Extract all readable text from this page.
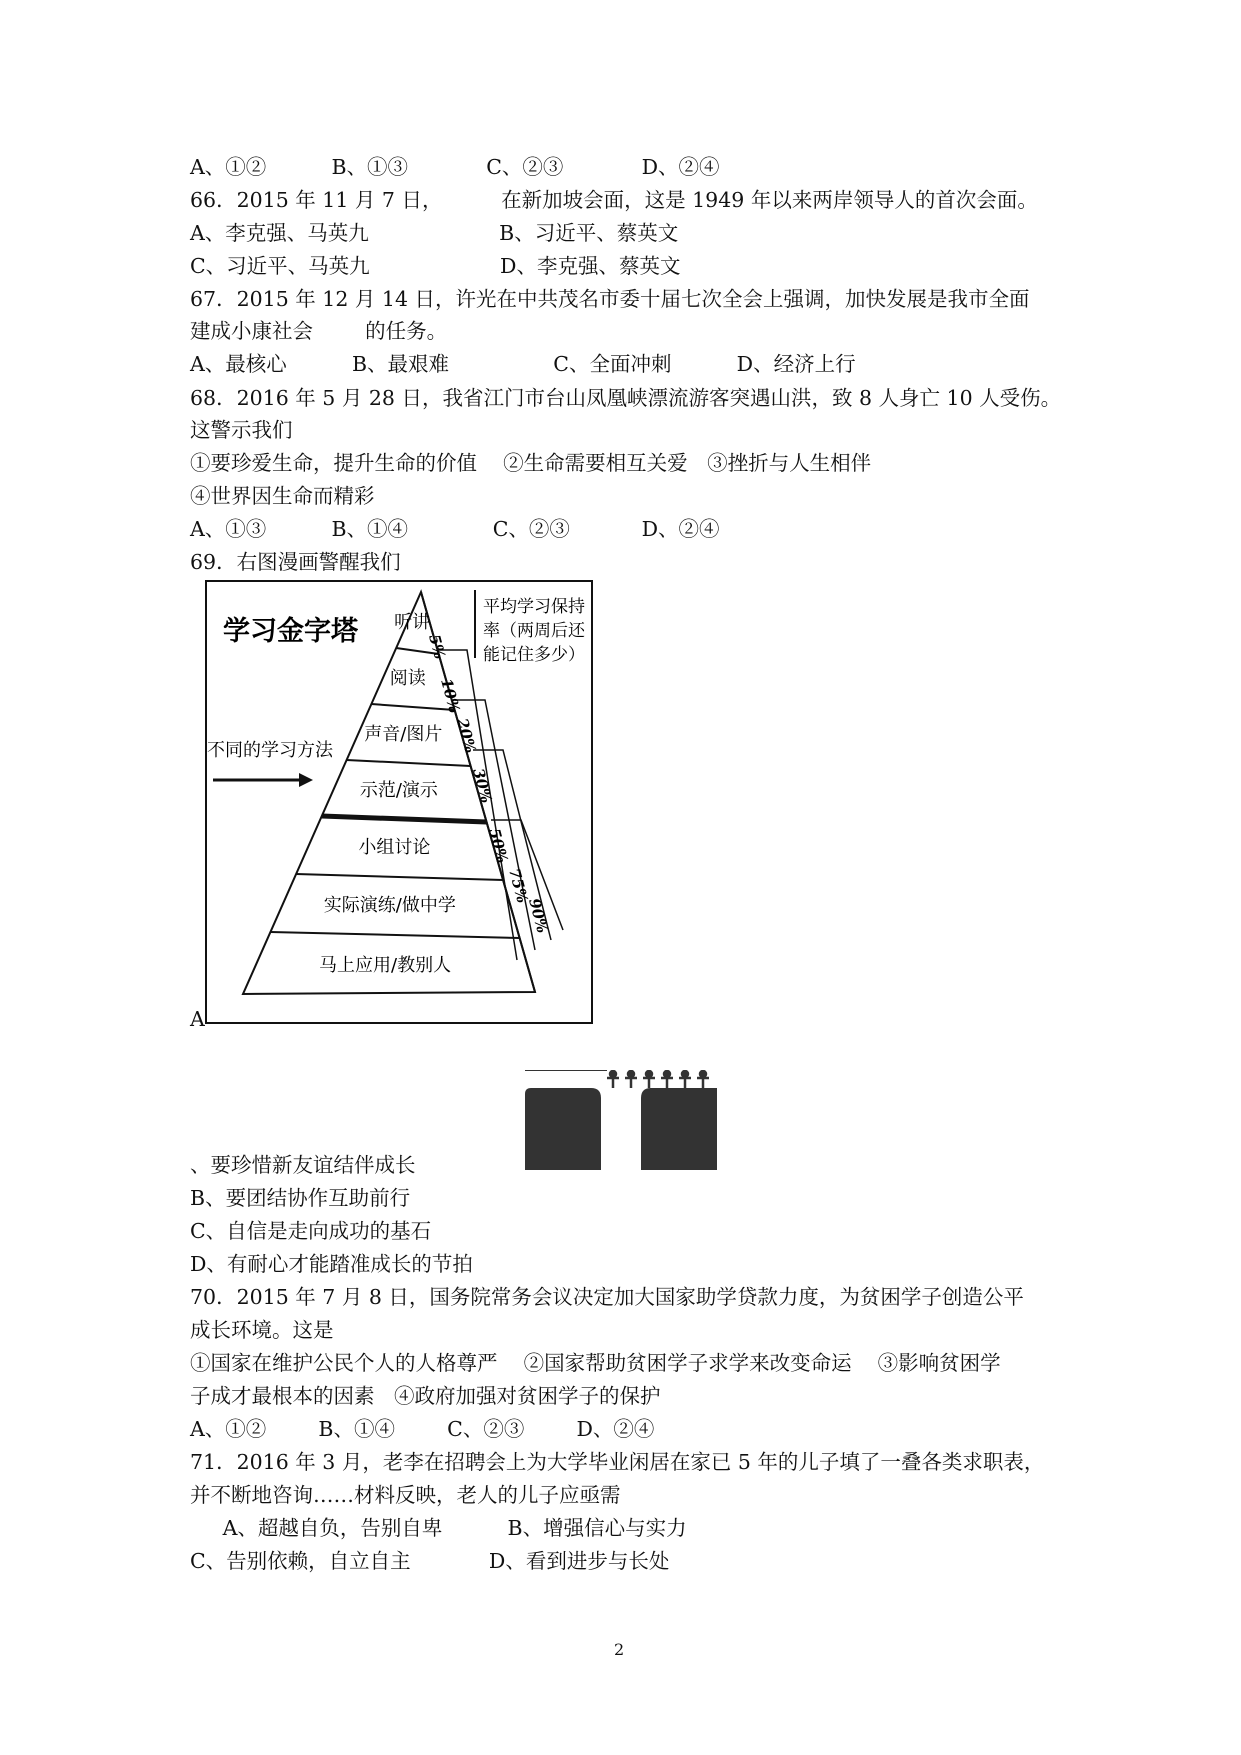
A、①②          B、①③            C、②③            D、②④
66．2015 年 11 月 7 日，         在新加坡会面，这是 1949 年以来两岸领导人的首次会面。
A、李克强、马英九                    B、习近平、蔡英文
C、习近平、马英九                    D、李克强、蔡英文
67．2015 年 12 月 14 日，许光在中共茂名市委十届七次全会上强调，加快发展是我市全面
建成小康社会        的任务。
A、最核心          B、最艰难                C、全面冲刺          D、经济上行
68．2016 年 5 月 28 日，我省江门市台山凤凰峡漂流游客突遇山洪，致 8 人身亡 10 人受伤。
这警示我们
①要珍爱生命，提升生命的价值    ②生命需要相互关爱   ③挫折与人生相伴
④世界因生命而精彩
A、①③          B、①④             C、②③           D、②④
69．右图漫画警醒我们
学习金字塔
平均学习保持
率（两周后还
能记住多少）
不同的学习方法
听讲
阅读
声音/图片
示范/演示
小组讨论
实际演练/做中学
马上应用/教别人
5%
10%
20%
30%
50%
75%
90%
A
、要珍惜新友谊结伴成长
B、要团结协作互助前行
C、自信是走向成功的基石
D、有耐心才能踏准成长的节拍
70．2015 年 7 月 8 日，国务院常务会议决定加大国家助学贷款力度，为贫困学子创造公平
成长环境。这是
①国家在维护公民个人的人格尊严    ②国家帮助贫困学子求学来改变命运    ③影响贫困学
子成才最根本的因素   ④政府加强对贫困学子的保护
A、①②        B、①④        C、②③        D、②④
71．2016 年 3 月，老李在招聘会上为大学毕业闲居在家已 5 年的儿子填了一叠各类求职表，
并不断地咨询……材料反映，老人的儿子应亟需
A、超越自负，告别自卑          B、增强信心与实力
C、告别依赖，自立自主            D、看到进步与长处
2
